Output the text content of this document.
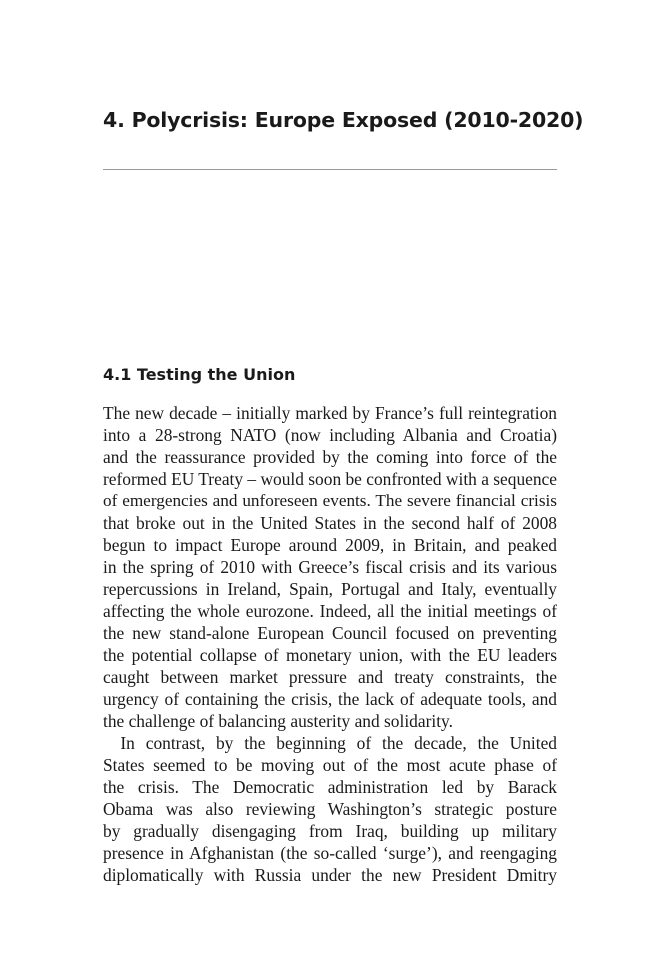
4. Polycrisis: Europe Exposed (2010-2020)
4.1 Testing the Union
The new decade – initially marked by France’s full reintegration
into a 28-strong NATO (now including Albania and Croatia)
and the reassurance provided by the coming into force of the
reformed EU Treaty – would soon be confronted with a sequence
of emergencies and unforeseen events. The severe financial crisis
that broke out in the United States in the second half of 2008
begun to impact Europe around 2009, in Britain, and peaked
in the spring of 2010 with Greece’s fiscal crisis and its various
repercussions in Ireland, Spain, Portugal and Italy, eventually
affecting the whole eurozone. Indeed, all the initial meetings of
the new stand-alone European Council focused on preventing
the potential collapse of monetary union, with the EU leaders
caught between market pressure and treaty constraints, the
urgency of containing the crisis, the lack of adequate tools, and
the challenge of balancing austerity and solidarity.
 In contrast, by the beginning of the decade, the United
States seemed to be moving out of the most acute phase of
the crisis. The Democratic administration led by Barack
Obama was also reviewing Washington’s strategic posture
by gradually disengaging from Iraq, building up military
presence in Afghanistan (the so-called ‘surge’), and reengaging
diplomatically with Russia under the new President Dmitry
